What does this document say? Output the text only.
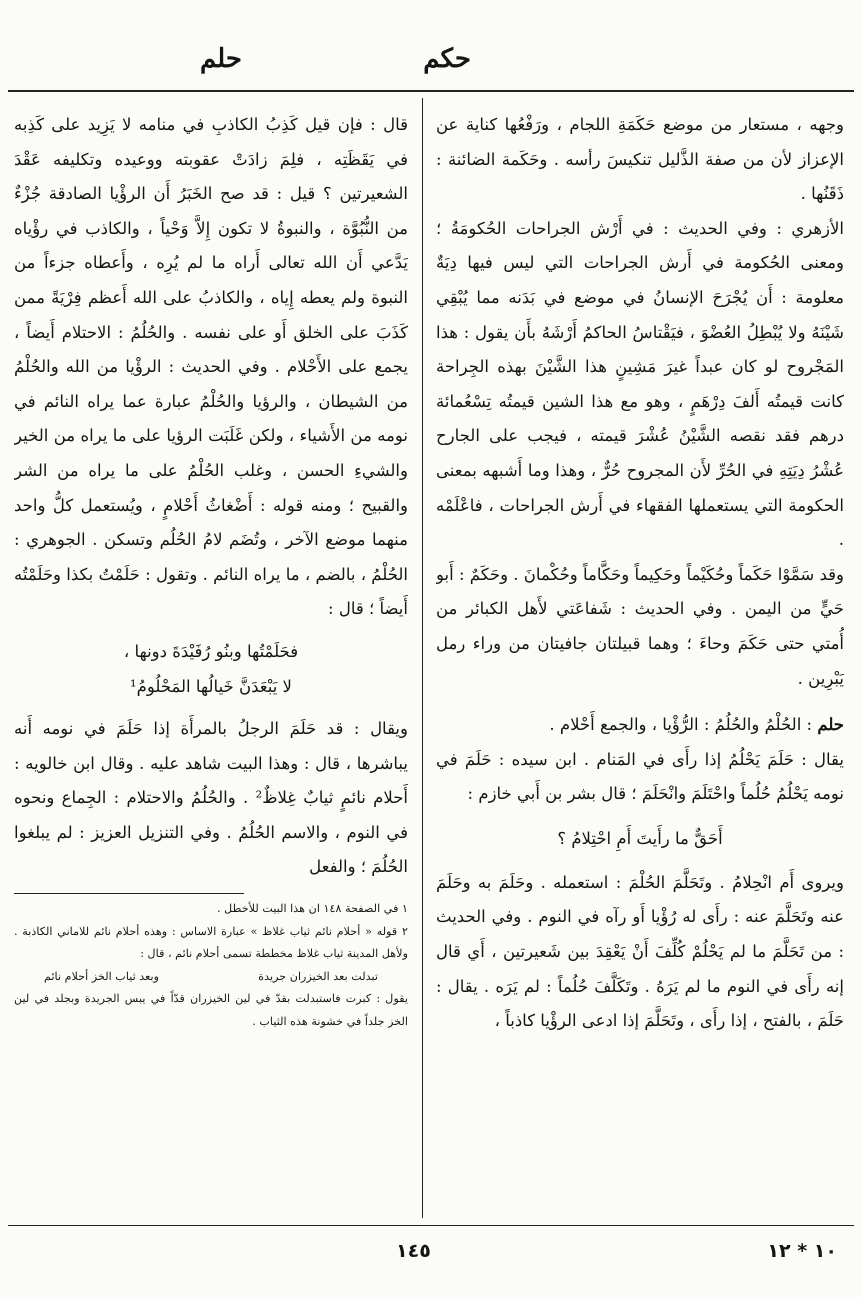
حكم
حلم

وجهه ، مستعار من موضع حَكَمَةِ اللجام ، ورَفْعُها كناية عن الإعزاز لأن من صفة الذَّليل تنكيسَ رأسه . وحَكَمة الضائنة : ذَقَنُها .

الأزهري : وفي الحديث : في أَرْش الجراحات الحُكومَةُ ؛ ومعنى الحُكومة في أَرش الجراحات التي ليس فيها دِيَةٌ معلومة : أَن يُجْرَحَ الإنسانُ في موضع في بَدَنه مما يُبْقِي شَيْنَهُ ولا يُبْطِلُ العُضْوَ ، فيَقْتاسُ الحاكمُ أَرْشَهُ بأَن يقول : هذا المَجْروح لو كان عبداً غيرَ مَشِينٍ هذا الشَّيْنَ بهذه الجِراحة كانت قيمتُه أَلفَ دِرْهَمٍ ، وهو مع هذا الشين قيمتُه تِسْعُمائة درهم فقد نقصه الشَّيْنُ عُشْرَ قيمته ، فيجب على الجارح عُشْرُ دِيَتِهِ في الحُرِّ لأَن المجروح حُرٌّ ، وهذا وما أَشبهه بمعنى الحكومة التي يستعملها الفقهاء في أَرش الجراحات ، فاعْلَمْه .

وقد سَمَّوْا حَكَماً وحُكَيْماً وحَكِيماً وحَكَّاماً وحُكْمانَ . وحَكَمٌ : أَبو حَيٍّ من اليمن . وفي الحديث : شَفاعَتي لأَهل الكبائر من أُمتي حتى حَكَمَ وحاءَ ؛ وهما قبيلتان جافيتان من وراء رمل يَبْرِين .

حلم : الحُلْمُ والحُلُمُ : الرُّؤْيا ، والجمع أَحْلام .

يقال : حَلَمَ يَحْلُمُ إذا رأَى في المَنام . ابن سيده : حَلَمَ في نومه يَحْلُمُ حُلُماً واحْتَلَمَ وانْحَلَمَ ؛ قال بشر بن أَبي خازم :

أَحَقٌّ ما رأَيتَ أَمِ احْتِلامُ ؟

ويروى أَم انْحِلامُ . وتَحَلَّمَ الحُلْمَ : استعمله . وحَلَمَ به وحَلَمَ عنه وتَحَلَّمَ عنه : رأَى له رُؤْيا أَو رآه في النوم . وفي الحديث : من تَحَلَّمَ ما لم يَحْلُمْ كُلِّفَ أَنْ يَعْقِدَ بين شَعيرتين ، أَي قال إنه رأَى في النوم ما لم يَرَهُ . وتَكَلَّفَ حُلُماً : لم يَرَه . يقال : حَلَمَ ، بالفتح ، إذا رأَى ، وتَحَلَّمَ إذا ادعى الرؤْيا كاذباً ،

قال : فإن قيل كَذِبُ الكاذبِ في منامه لا يَزِيد على كَذِبه في يَقَظَتِه ، فلِمَ زادَتْ عقوبته ووعيده وتكليفه عَقْدَ الشعيرتين ؟ قيل : قد صح الخَبَرُ أَن الرؤْيا الصادقة جُزْءٌ من النُّبُوَّة ، والنبوةُ لا تكون إِلاَّ وَحْياً ، والكاذب في رؤْياه يَدَّعي أَن الله تعالى أَراه ما لم يُرِه ، وأَعطاه جزءاً من النبوة ولم يعطه إِياه ، والكاذبُ على الله أَعظم فِرْيَةً ممن كَذَبَ على الخلق أَو على نفسه . والحُلُمُ : الاحتلام أَيضاً ، يجمع على الأَحْلام . وفي الحديث : الرؤْيا من الله والحُلْمُ من الشيطان ، والرؤيا والحُلْمُ عبارة عما يراه النائم في نومه من الأَشياء ، ولكن غَلَبَت الرؤيا على ما يراه من الخير والشيءِ الحسن ، وغلب الحُلْمُ على ما يراه من الشر والقبيح ؛ ومنه قوله : أَضْغاثُ أَحْلامٍ ، ويُستعمل كلُّ واحد منهما موضع الآخر ، وتُضَم لامُ الحُلُم وتسكن . الجوهري : الحُلْمُ ، بالضم ، ما يراه النائم . وتقول : حَلَمْتُ بكذا وحَلَمْتُه أَيضاً ؛ قال :

فحَلَمْتُها وبنُو رُفَيْدَةَ دونها ،

لا يَبْعَدَنَّ خَيالُها المَحْلُومُ¹

ويقال : قد حَلَمَ الرجلُ بالمرأَة إذا حَلَمَ في نومه أَنه يباشرها ، قال : وهذا البيت شاهد عليه . وقال ابن خالويه : أَحلام نائمٍ ثيابٌ غِلاظٌ² . والحُلُمُ والاحتلام : الجِماع ونحوه في النوم ، والاسم الحُلُمُ . وفي التنزيل العزيز : لم يبلغوا الحُلُمَ ؛ والفعل

١ في الصفحة ١٤٨ ان هذا البيت للأخطل .

٢ قوله « أحلام نائم ثياب غلاظ » عبارة الاساس : وهذه أحلام نائم للاماني الكاذبة . ولأهل المدينة ثياب غلاظ مخططة تسمى أحلام نائم ، قال :

تبدلت بعد الخيزران جريدة
وبعد ثياب الخز أحلام نائم

يقول : كبرت فاستبدلت بقدّ في لين الخيزران قدّاً في يبس الجريدة وبجلد في لين الخز جلداً في خشونة هذه الثياب .

١٤٥	١٠ * ١٢
